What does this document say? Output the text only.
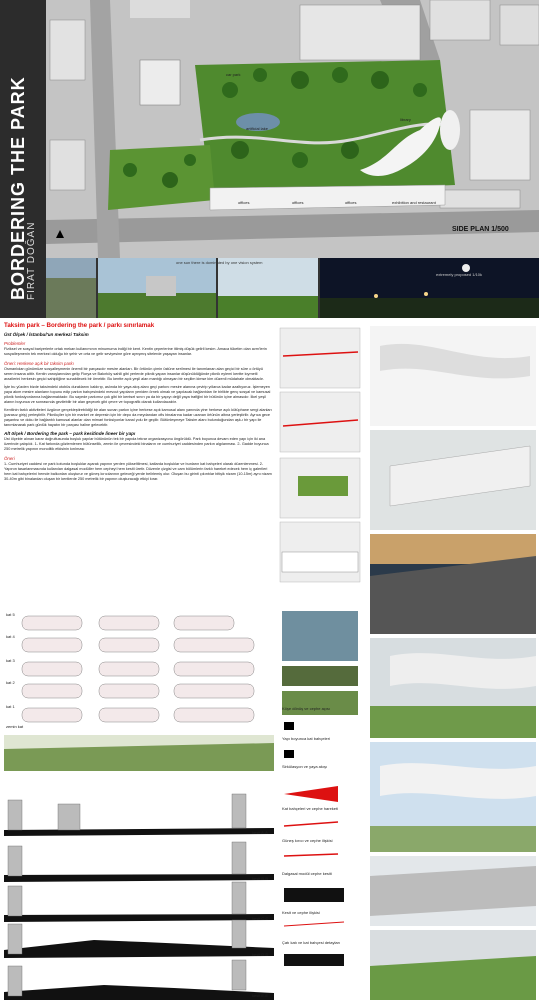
car park
artificial lake
library
offices	offices	offices	exhibition and restaurant
SIDE PLAN 1/500
BORDERING THE PARK
FIRAT DOĞAN	one sun there is dominated by one vision system
extremely proposed 1/10k
Taksim park – Bordering the park / parkı sınırlamak
Üst Ölçek / İstanbul'un merkezi Taksim
Problemler

Fiziksel ve sosyal bariyerlerle ortak mekan kullanımının minumuma indiği bir kent. Kentin çeperlerine itilmiş düşük gelirli kesim. Amaca tüketim olan avm'lerin sosyalleşmenin tek merkezi olduğu bir şehir ve orta ve gelir seviyesine göre ayrışmış sitelerde yaşayan insanlar.

Öneri: Herkese açık bir taksim parkı

Osmanlıdan günümüze sosyalleşmenin önemli bir parçasıdır mesire alanları. Bir örtünün çimin üstüne serilmesi ile tanımlanan alan geçici bir süre o örtüyü seren insana aittir. Kentin varoşlarından gelip Florya ve Bakırköy sahili gibi yerlerde piknik yapan insanlar düşünüldüğünde piknik eylemi kentte kıymetli arazilerini herkesin geçici sahipliğine sunabilecek bir örnektir. Bu kentte açık yeşil alan mantığı olmayan bir seçilim kimse kim düzenli müdahale olmaktadır.

İşte bu yüzden bizde taksimdeki otobüs duraklarını kaldırıp, aslında bir yaya akış alanı geçi parkını mesire alanına çevirip yıllarca kadar azaltıyoruz. İşlemeyen yaya akım mesire alanların topunu edip parkın bahçesindeki mevcut yapıların yeniden örnek olmak ve yapılacak bağlantıları ile birlikte genç sosyal ve kamusal piknik fonksiyonlarına bağlanmaktadır. Bu sayede parkımız çok gibi bir kentsel sınırı ya da bir yapıyı değil yaya trafiğini bir bütünün içine almasıdır. İlkel yeşil alanın boyunca ve sonrasında gezilebilir bir alan geçecek gibi çevre ve topografik olarak kullanılacaktır.

Kentlinin farklı aktiviteleri özgürce gerçekleştirebildiği bir alan sunan parkın içine herkese açık kamusal alanı yanında yine herkese açık kütüphane sergi alanları (parasız giriş) yerleştirilir. Piknikçiler için bir market ve depresin için bir depo da meydandan ofis binalarına kadar uzanan örtünün altına yerleştirilir. Ayrıca gece yaşantısı ve doku ile bağlantılı kamusal alanlar olan mimari fonksiyonlar kanal yolu ile geçilir. Bütünleşmeye Taksim alanı bulunduğundan aşk-ı bir yapı ile tanımlanarak park günlük hayatın bir parçası haline gelecektir.

Alt ölçek / Bordering the park – park kesitinde lineer bir yapı

Üst ölçekte alınan karar doğrultusunda boşluk yapılar bütününün tek bir yapıda tekrar organizasyonu öngörüldü. Park boyunca devam eden yapı için iki ana üzerinde çalışıldı. 1- Kat farkında gözlemlenen bütünsellik, zemin ile çevresindeki binaların ve cumhuriyet caddesinden parkın algılanması. 2- Gadde boyunca 250 metrelik yapının monolitik etkisinin kırılması

Öneri

1- Cumhuriyet caddesi ve park kotunda boşluklar açarak yapının yerden yükseltilmesi, katlarda boşluklar ve bunların kat bahçeleri olarak düzenlenmesi. 2-Yapının tasarlanmasında kullanılan dalgasal modüller hem cepheyi hem kesiti üretir. Düzenle çizgisi ve cam bölümlerin farklı hareket edecek hem iç galerileri hem kat bahçelerini hemde balkonları oluşturur ve güneş kırıcılarının geleceği yerde belirlemiş olur. Oluşan bu girinti çıkıntılar bitişik nizam (10-15m) aynı nizam 30-40m gibi binalardan oluşan bir kentlerde 250 metrelik bir yapının oluşturacağı etkiyi kırar.

kat 5
kat 4
kat 3
kat 2
kat 1
zemin kat
kesit A-A
kesit B-B
kesit C-C
kesit D-D
kesit E-E
Köşe dönüş ve cephe açısı
Yapı boyunca kat bahçeleri
Sirkülasyon ve yaya akışı
Kat bahçeleri ve cephe hareketi
Güneş kırıcı ve cephe ilişkisi
Dalgasal modül cephe kesiti
Kesit ve cephe ilişkisi
Çatı katı ve kat bahçesi detayları
